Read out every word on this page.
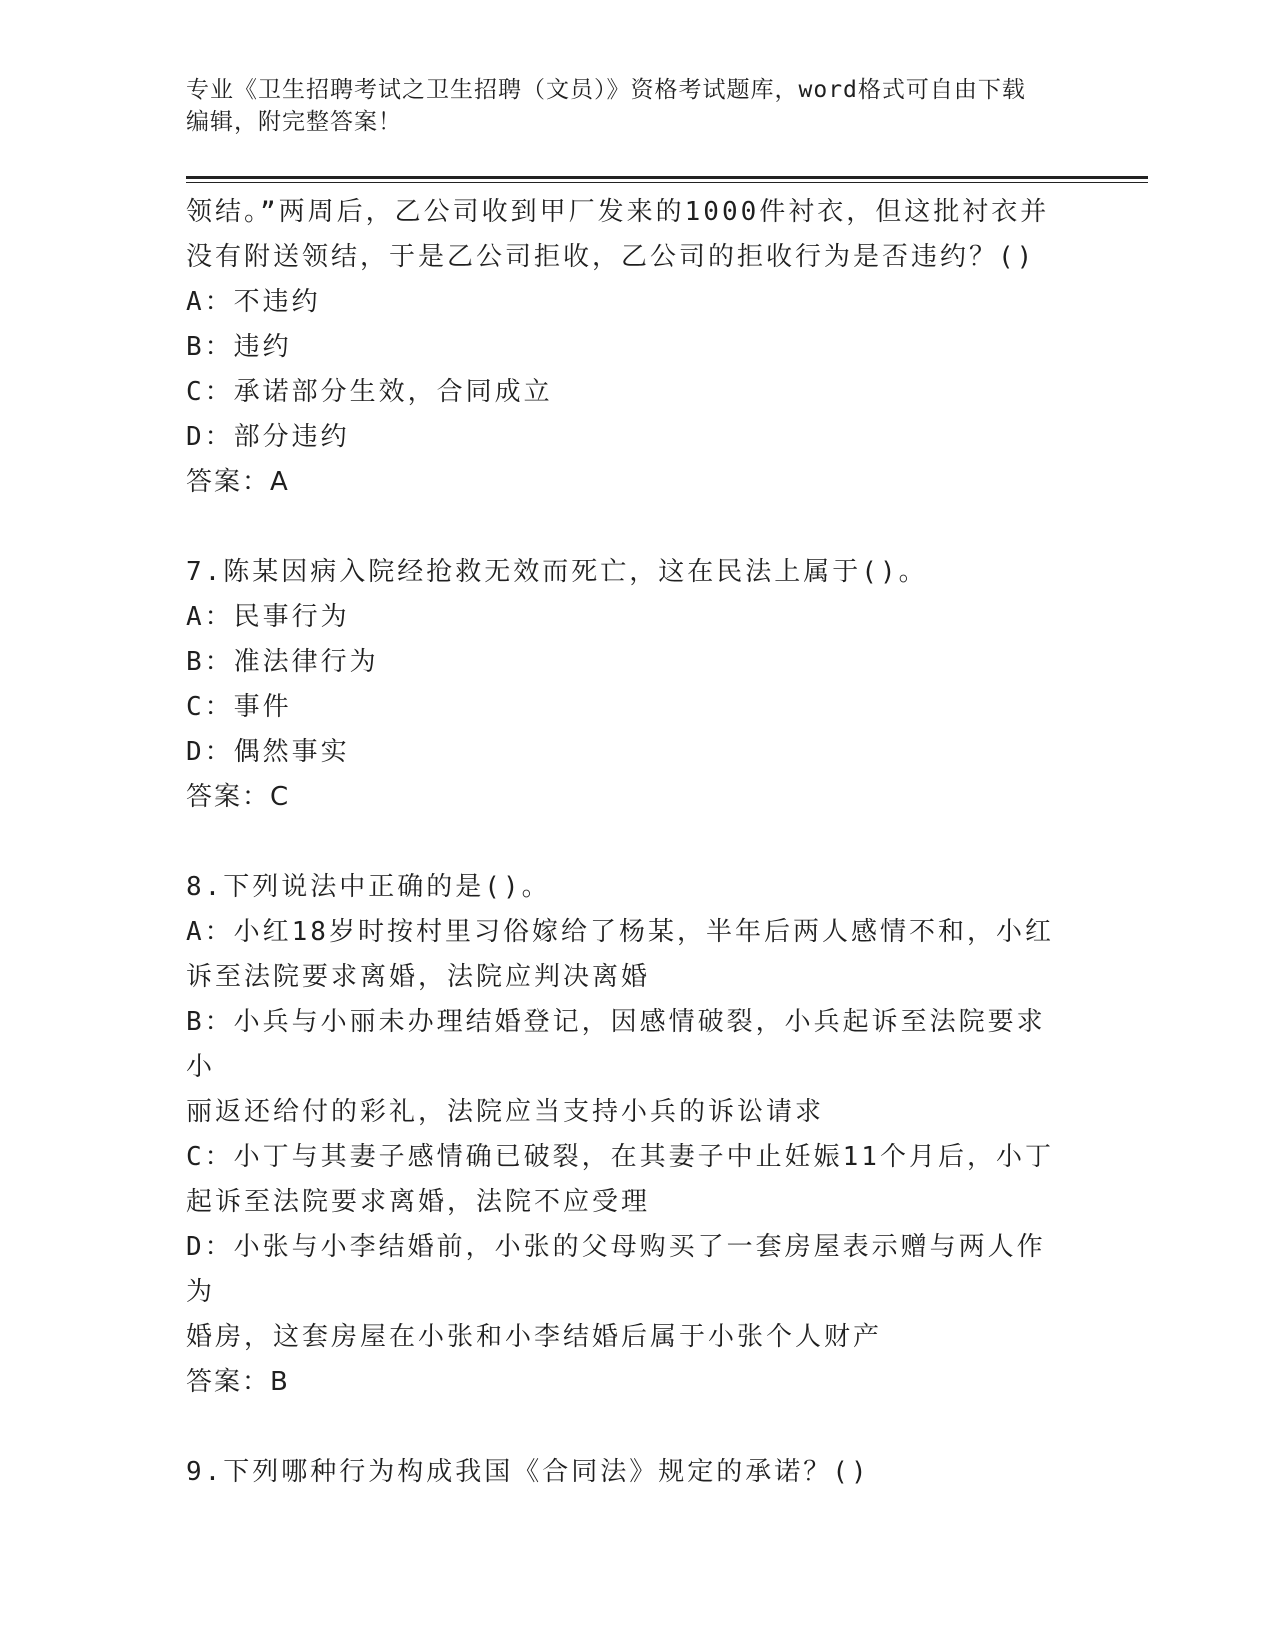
专业《卫生招聘考试之卫生招聘（文员）》资格考试题库，word格式可自由下载
编辑，附完整答案！
领结。”两周后，乙公司收到甲厂发来的1000件衬衣，但这批衬衣并
没有附送领结，于是乙公司拒收，乙公司的拒收行为是否违约？()
A：不违约
B：违约
C：承诺部分生效，合同成立
D：部分违约
答案：A
7.陈某因病入院经抢救无效而死亡，这在民法上属于()。
A：民事行为
B：准法律行为
C：事件
D：偶然事实
答案：C
8.下列说法中正确的是()。
A：小红18岁时按村里习俗嫁给了杨某，半年后两人感情不和，小红
诉至法院要求离婚，法院应判决离婚
B：小兵与小丽未办理结婚登记，因感情破裂，小兵起诉至法院要求小
丽返还给付的彩礼，法院应当支持小兵的诉讼请求
C：小丁与其妻子感情确已破裂，在其妻子中止妊娠11个月后，小丁
起诉至法院要求离婚，法院不应受理
D：小张与小李结婚前，小张的父母购买了一套房屋表示赠与两人作为
婚房，这套房屋在小张和小李结婚后属于小张个人财产
答案：B
9.下列哪种行为构成我国《合同法》规定的承诺？()
